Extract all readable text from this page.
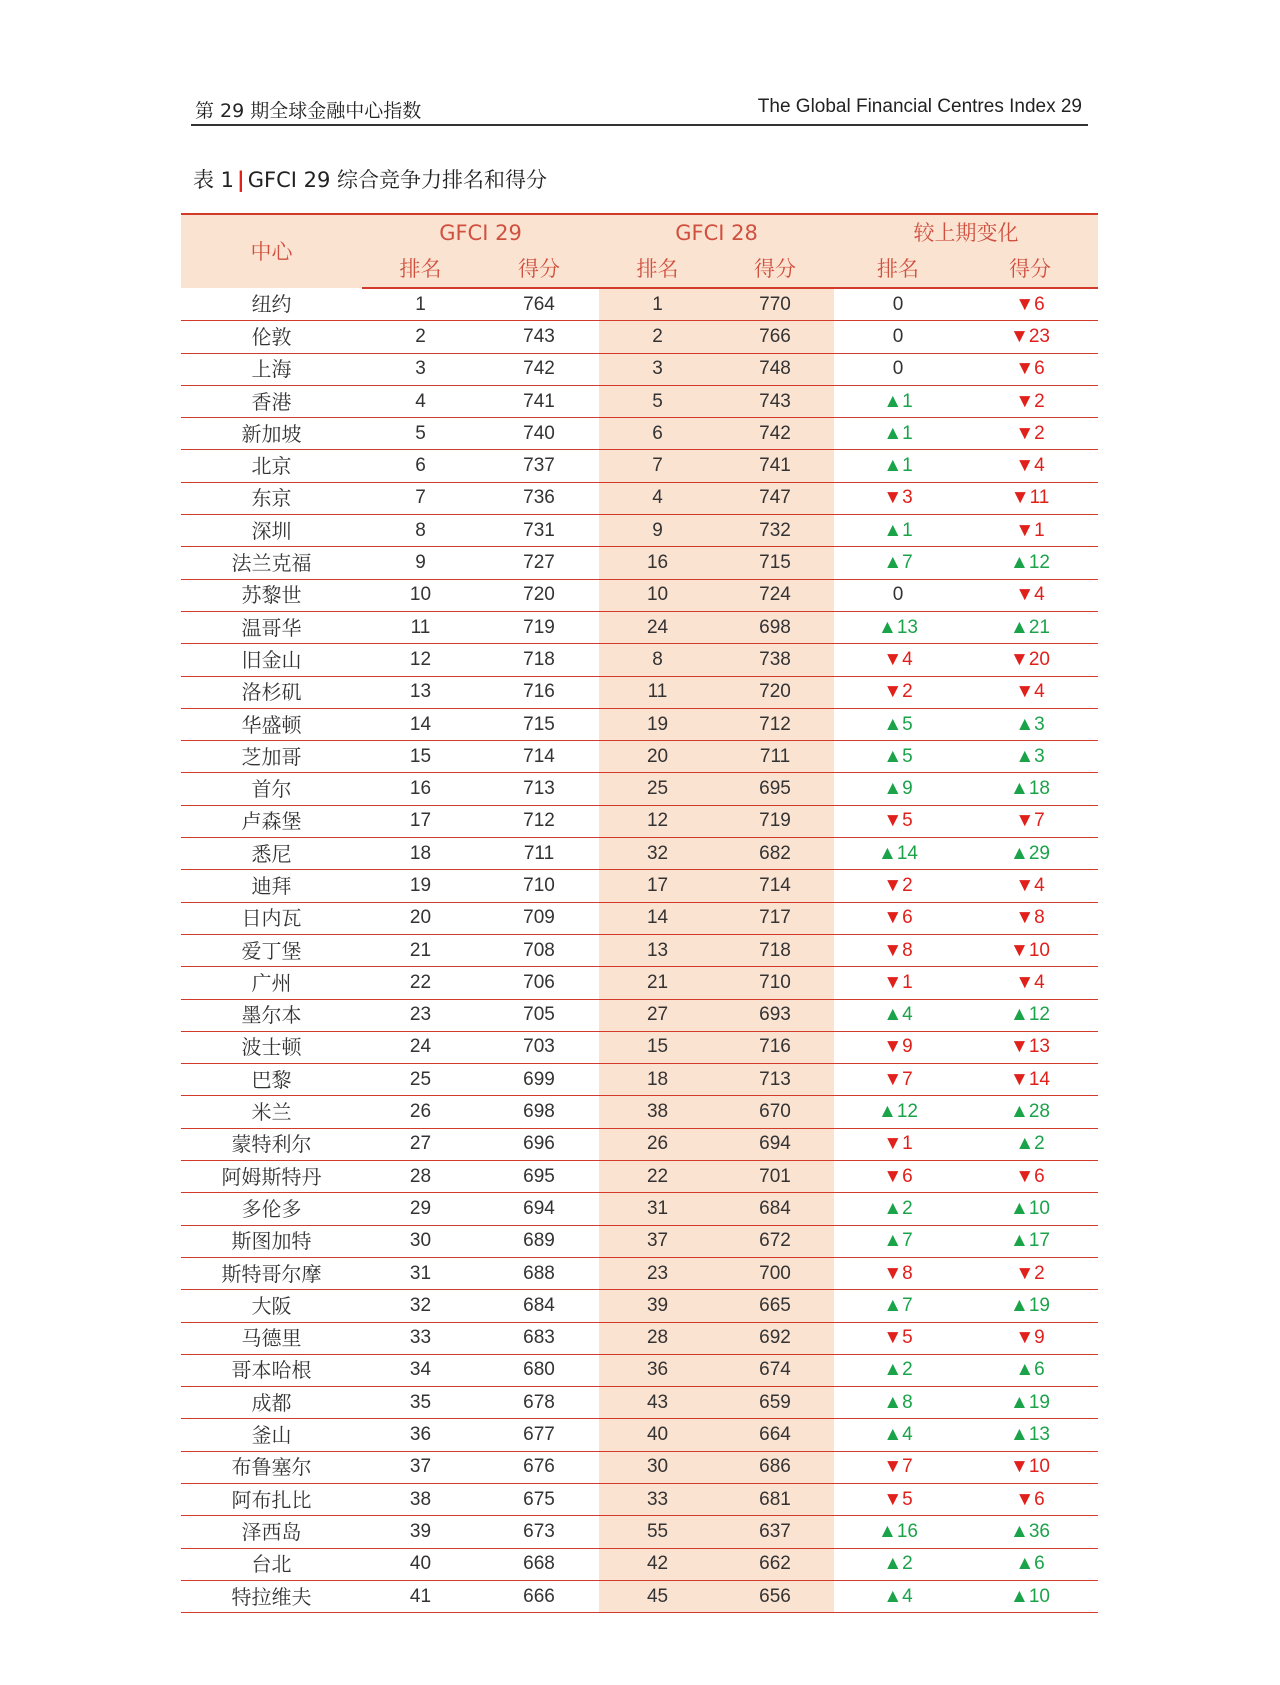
第 29 期全球金融中心指数	The Global Financial Centres Index 29
表 1 | GFCI 29 综合竞争力排名和得分
中心	GFCI 29		GFCI 28		较上期变化	
	排名	得分	排名	得分	排名	得分
纽约	1	764	1	770	0	▼6
伦敦	2	743	2	766	0	▼23
上海	3	742	3	748	0	▼6
香港	4	741	5	743	▲1	▼2
新加坡	5	740	6	742	▲1	▼2
北京	6	737	7	741	▲1	▼4
东京	7	736	4	747	▼3	▼11
深圳	8	731	9	732	▲1	▼1
法兰克福	9	727	16	715	▲7	▲12
苏黎世	10	720	10	724	0	▼4
温哥华	11	719	24	698	▲13	▲21
旧金山	12	718	8	738	▼4	▼20
洛杉矶	13	716	11	720	▼2	▼4
华盛顿	14	715	19	712	▲5	▲3
芝加哥	15	714	20	711	▲5	▲3
首尔	16	713	25	695	▲9	▲18
卢森堡	17	712	12	719	▼5	▼7
悉尼	18	711	32	682	▲14	▲29
迪拜	19	710	17	714	▼2	▼4
日内瓦	20	709	14	717	▼6	▼8
爱丁堡	21	708	13	718	▼8	▼10
广州	22	706	21	710	▼1	▼4
墨尔本	23	705	27	693	▲4	▲12
波士顿	24	703	15	716	▼9	▼13
巴黎	25	699	18	713	▼7	▼14
米兰	26	698	38	670	▲12	▲28
蒙特利尔	27	696	26	694	▼1	▲2
阿姆斯特丹	28	695	22	701	▼6	▼6
多伦多	29	694	31	684	▲2	▲10
斯图加特	30	689	37	672	▲7	▲17
斯特哥尔摩	31	688	23	700	▼8	▼2
大阪	32	684	39	665	▲7	▲19
马德里	33	683	28	692	▼5	▼9
哥本哈根	34	680	36	674	▲2	▲6
成都	35	678	43	659	▲8	▲19
釜山	36	677	40	664	▲4	▲13
布鲁塞尔	37	676	30	686	▼7	▼10
阿布扎比	38	675	33	681	▼5	▼6
泽西岛	39	673	55	637	▲16	▲36
台北	40	668	42	662	▲2	▲6
特拉维夫	41	666	45	656	▲4	▲10
